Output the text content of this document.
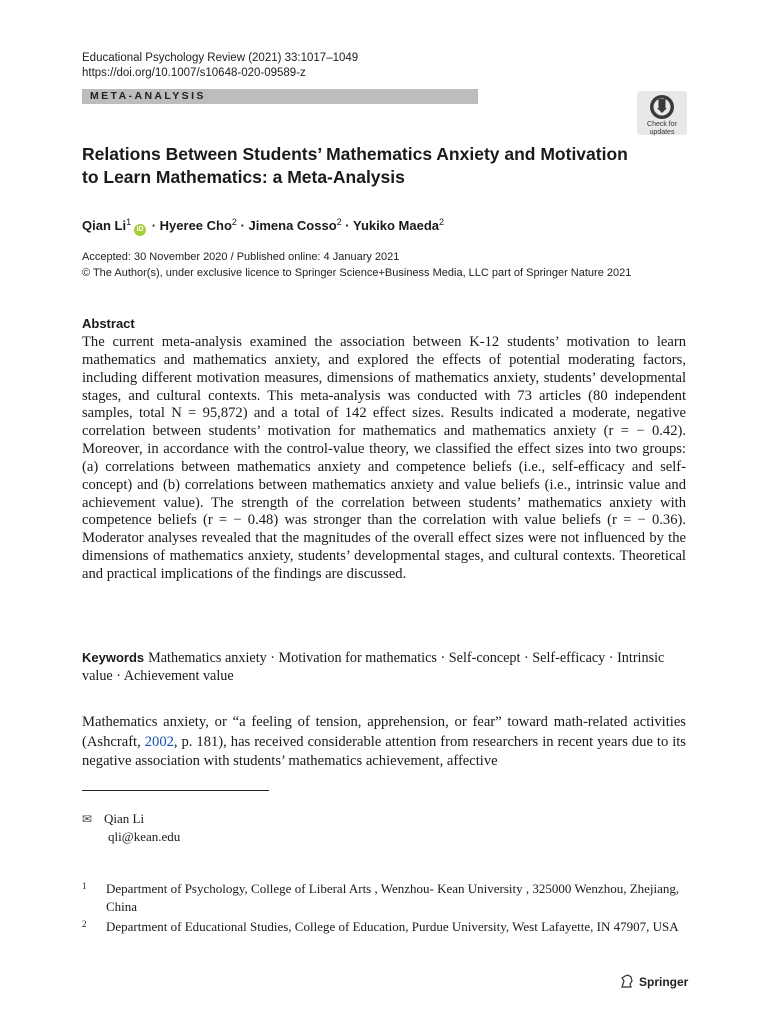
Educational Psychology Review (2021) 33:1017–1049
https://doi.org/10.1007/s10648-020-09589-z
META-ANALYSIS
Check for
updates
Relations Between Students’ Mathematics Anxiety and Motivation to Learn Mathematics: a Meta-Analysis
Qian $Li^1iD$ · Hyeree Cho$^2$ · Jimena Cosso$^2$ · Yukiko Maeda$^2$
Accepted: 30 November 2020 / Published online: 4 January 2021
© The Author(s), under exclusive licence to Springer Science+Business Media, LLC part of Springer Nature 2021
Abstract
The current meta-analysis examined the association between K-12 students’ motivation to learn mathematics and mathematics anxiety, and explored the effects of potential moderating factors, including different motivation measures, dimensions of mathematics anxiety, students’ developmental stages, and cultural contexts. This meta-analysis was conducted with 73 articles (80 independent samples, total N = 95,872) and a total of 142 effect sizes. Results indicated a moderate, negative correlation between students’ motivation for mathematics and mathematics anxiety (r = − 0.42). Moreover, in accordance with the control-value theory, we classified the effect sizes into two groups: (a) correlations between mathematics anxiety and competence beliefs (i.e., self-efficacy and self-concept) and (b) correlations between mathematics anxiety and value beliefs (i.e., intrinsic value and achievement value). The strength of the correlation between students’ mathematics anxiety with competence beliefs (r = − 0.48) was stronger than the correlation with value beliefs (r = − 0.36). Moderator analyses revealed that the magnitudes of the overall effect sizes were not influenced by the dimensions of mathematics anxiety, students’ developmental stages, and cultural contexts. Theoretical and practical implications of the findings are discussed.
Keywords Mathematics anxiety · Motivation for mathematics · Self-concept · Self-efficacy · Intrinsic value · Achievement value
Mathematics anxiety, or “a feeling of tension, apprehension, or fear” toward math-related activities (Ashcraft, 2002, p. 181), has received considerable attention from researchers in recent years due to its negative association with students’ mathematics achievement, affective
✉ Qian Li
qli@kean.edu
1 Department of Psychology, College of Liberal Arts , Wenzhou- Kean University , 325000 Wenzhou, Zhejiang, China
2 Department of Educational Studies, College of Education, Purdue University, West Lafayette, IN 47907, USA
Springer
